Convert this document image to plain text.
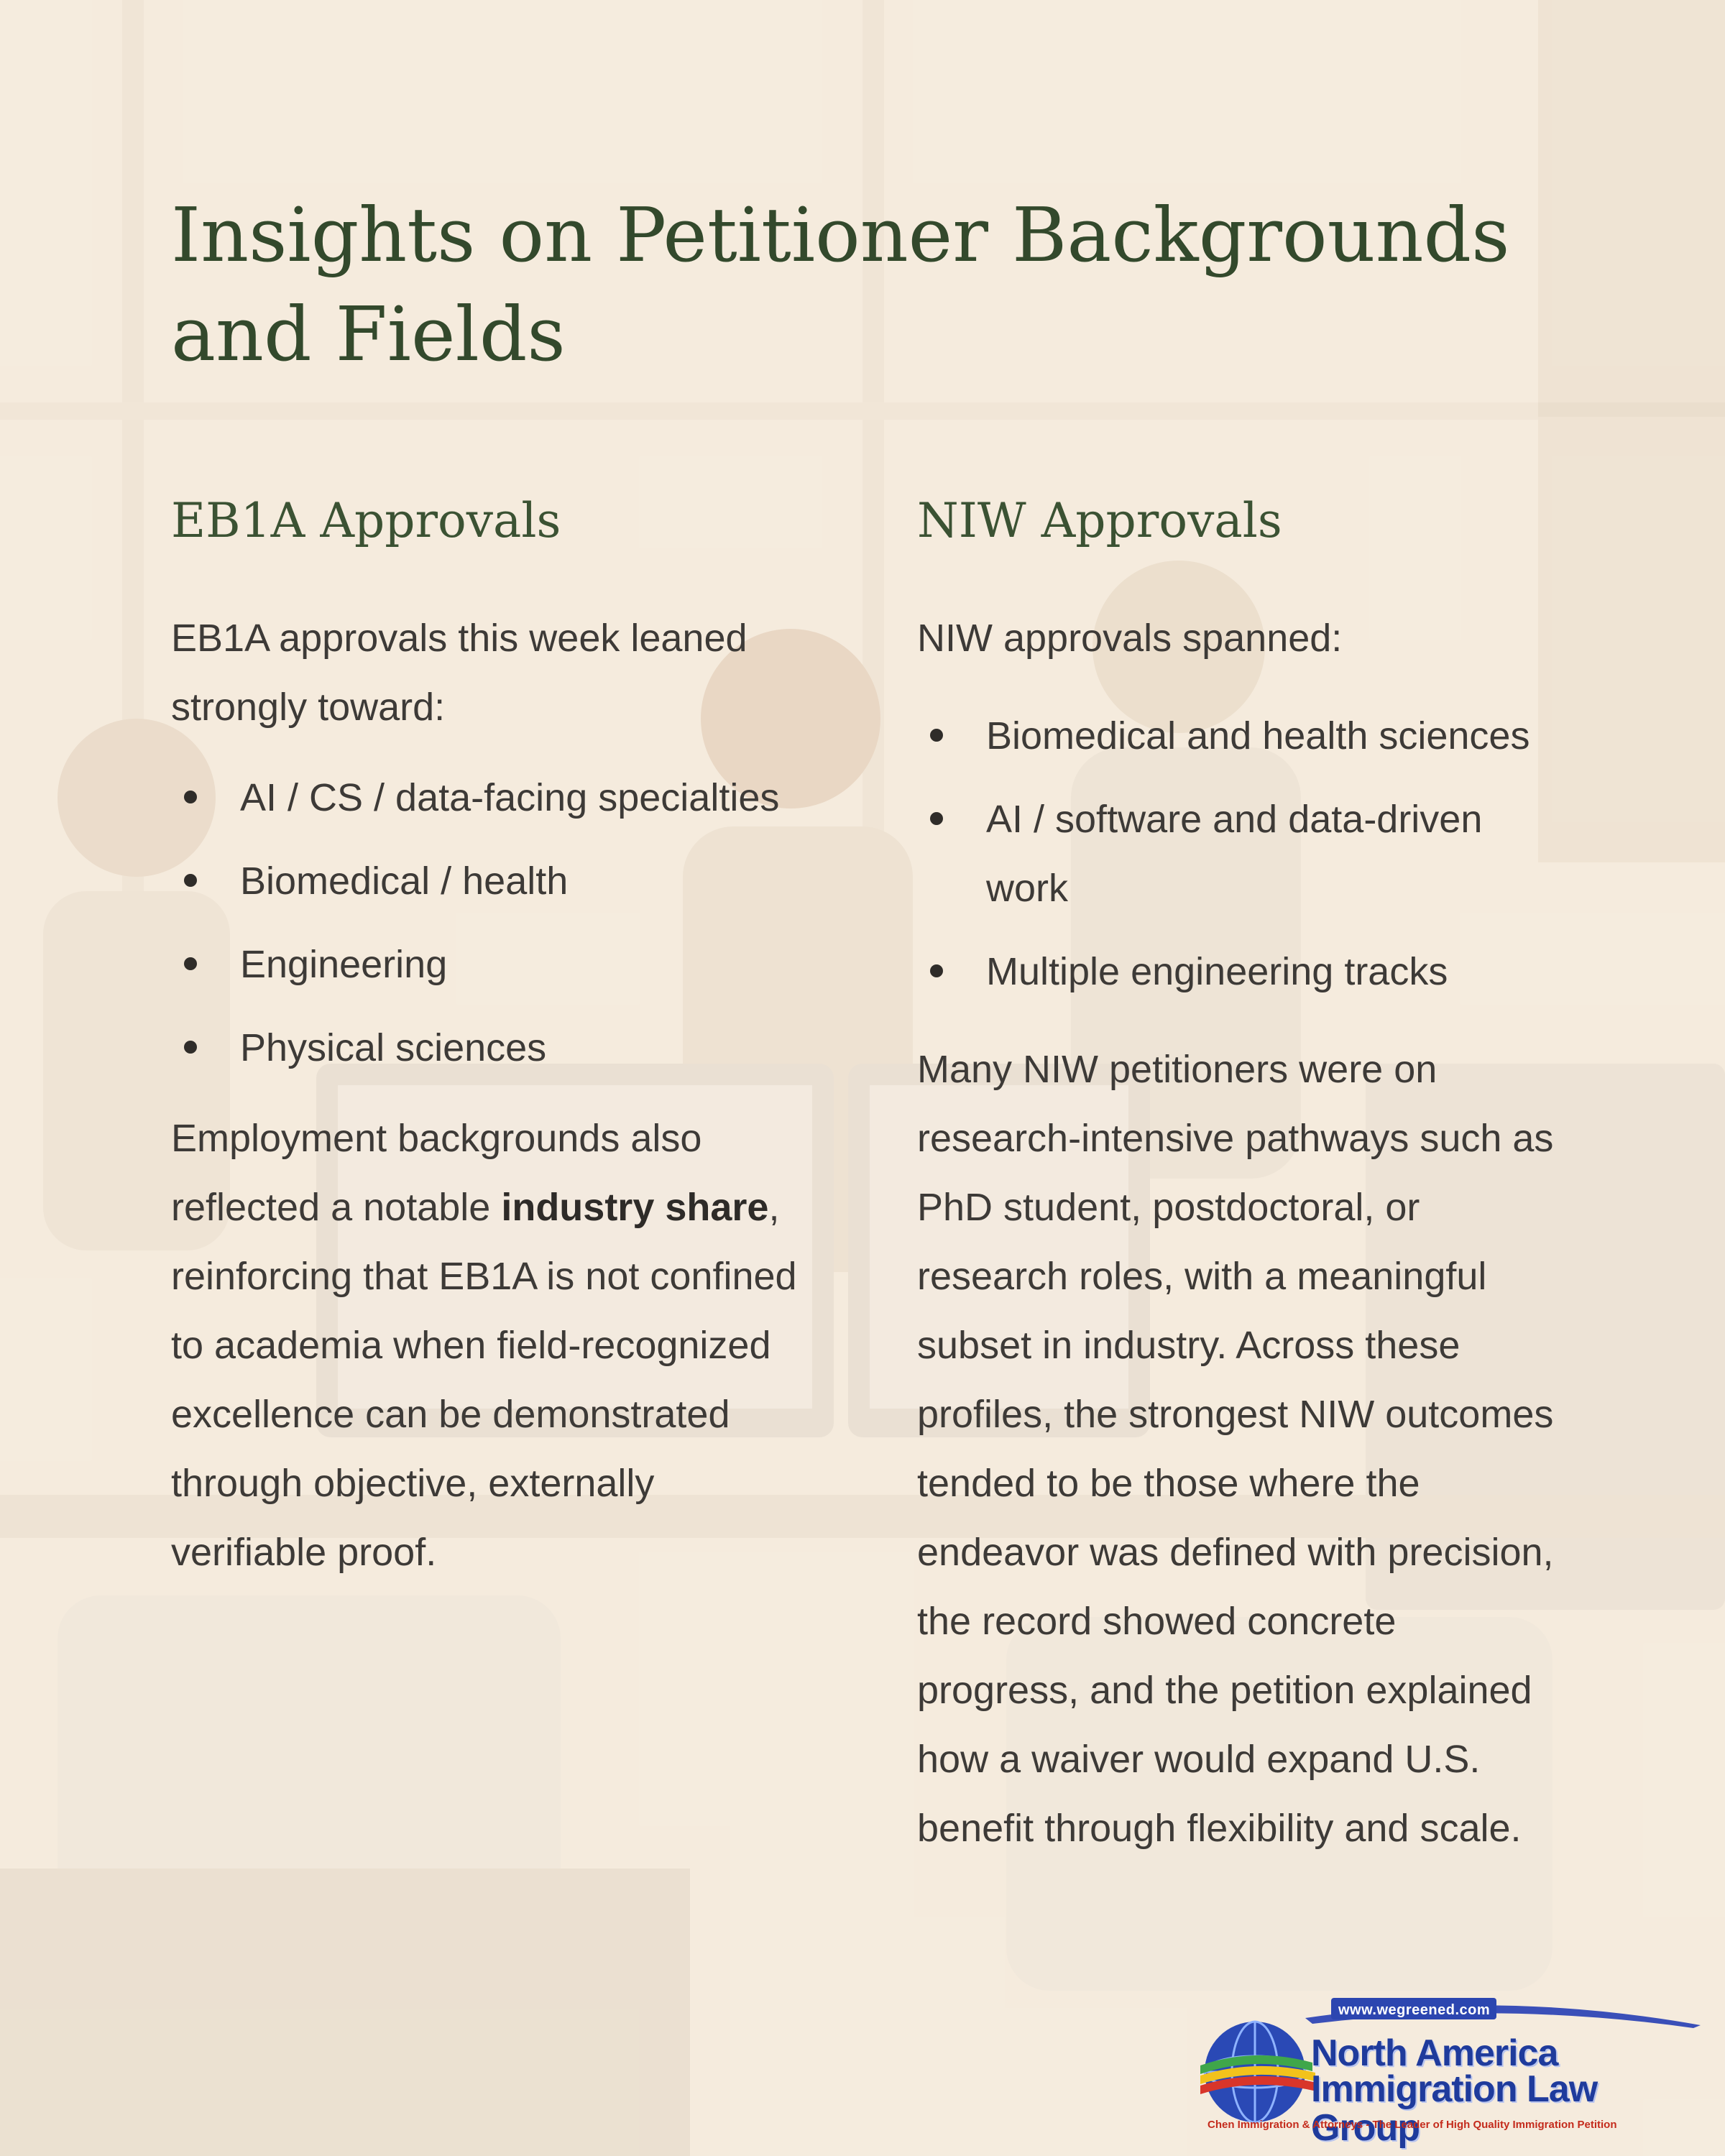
Insights on Petitioner Backgrounds and Fields
EB1A Approvals

EB1A approvals this week leaned strongly toward:

AI / CS / data-facing specialties
Biomedical / health
Engineering
Physical sciences

Employment backgrounds also reflected a notable industry share, reinforcing that EB1A is not confined to academia when field-recognized excellence can be demonstrated through objective, externally verifiable proof.

NIW Approvals

NIW approvals spanned:

Biomedical and health sciences
AI / software and data-driven work
Multiple engineering tracks

Many NIW petitioners were on research-intensive pathways such as PhD student, postdoctoral, or research roles, with a meaningful subset in industry. Across these profiles, the strongest NIW outcomes tended to be those where the endeavor was defined with precision, the record showed concrete progress, and the petition explained how a waiver would expand U.S. benefit through flexibility and scale.

www.wegreened.com
North America
Immigration Law Group
Chen Immigration & Attorneys - The Leader of High Quality Immigration Petition
